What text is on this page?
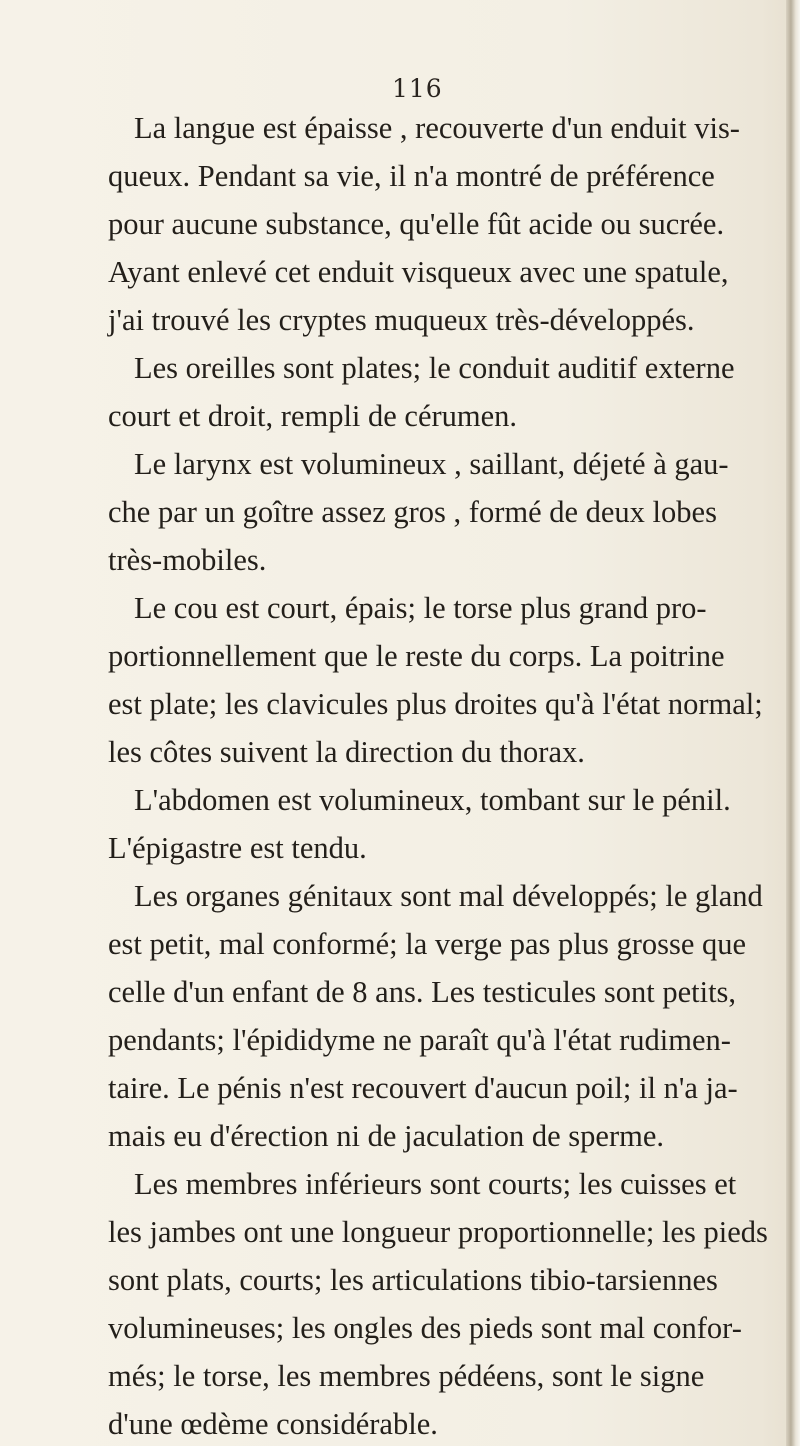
116
La langue est épaisse , recouverte d'un enduit vis-
queux. Pendant sa vie, il n'a montré de préférence
pour aucune substance, qu'elle fût acide ou sucrée.
Ayant enlevé cet enduit visqueux avec une spatule,
j'ai trouvé les cryptes muqueux très-développés.
Les oreilles sont plates; le conduit auditif externe
court et droit, rempli de cérumen.
Le larynx est volumineux , saillant, déjeté à gau-
che par un goître assez gros , formé de deux lobes
très-mobiles.
Le cou est court, épais; le torse plus grand pro-
portionnellement que le reste du corps. La poitrine
est plate; les clavicules plus droites qu'à l'état normal;
les côtes suivent la direction du thorax.
L'abdomen est volumineux, tombant sur le pénil.
L'épigastre est tendu.
Les organes génitaux sont mal développés; le gland
est petit, mal conformé; la verge pas plus grosse que
celle d'un enfant de 8 ans. Les testicules sont petits,
pendants; l'épididyme ne paraît qu'à l'état rudimen-
taire. Le pénis n'est recouvert d'aucun poil; il n'a ja-
mais eu d'érection ni de jaculation de sperme.
Les membres inférieurs sont courts; les cuisses et
les jambes ont une longueur proportionnelle; les pieds
sont plats, courts; les articulations tibio-tarsiennes
volumineuses; les ongles des pieds sont mal confor-
més; le torse, les membres pédéens, sont le signe
d'une œdème considérable.
